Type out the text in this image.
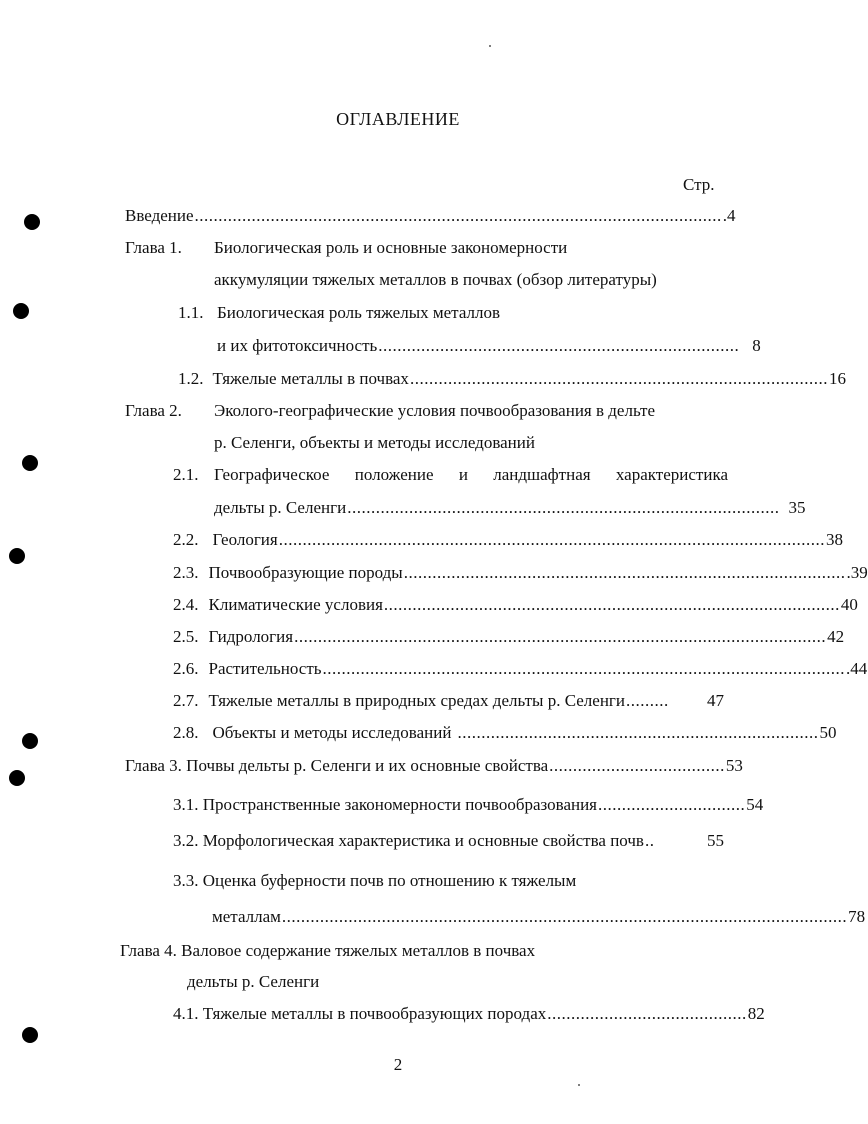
ОГЛАВЛЕНИЕ
Стр.
Введение ............................................................................................................... .4
Глава 1. Биологическая роль и основные закономерности
аккумуляции тяжелых металлов в почвах (обзор литературы)
1.1. Биологическая роль тяжелых металлов
и их фитотоксичность ............................................................................ 8
1.2. Тяжелые металлы в почвах ........................................................................................ 16
Глава 2. Эколого-географические условия почвообразования в дельте
р. Селенги, объекты и методы исследований
2.1. Географическое положение и ландшафтная характеристика
дельты р. Селенги ........................................................................................... 35
2.2. Геология ................................................................................................................... 38
2.3. Почвообразующие породы ............................................................................................. .39
2.4. Климатические условия ................................................................................................ 40
2.5. Гидрология ................................................................................................................ 42
2.6. Растительность .............................................................................................................. .44
2.7. Тяжелые металлы в природных средах дельты р. Селенги .........	47
2.8. Объекты и методы исследований ............................................................................ 50
Глава 3. Почвы дельты р. Селенги и их основные свойства ..................................... 53
3.1. Пространственные закономерности почвообразования ............................... 54
3.2. Морфологическая характеристика и основные свойства почв ..	55
3.3. Оценка буферности почв по отношению к тяжелым
металлам ....................................................................................................................... 78
Глава 4. Валовое содержание тяжелых металлов в почвах
дельты р. Селенги
4.1. Тяжелые металлы в почвообразующих породах .......................................... 82
2
